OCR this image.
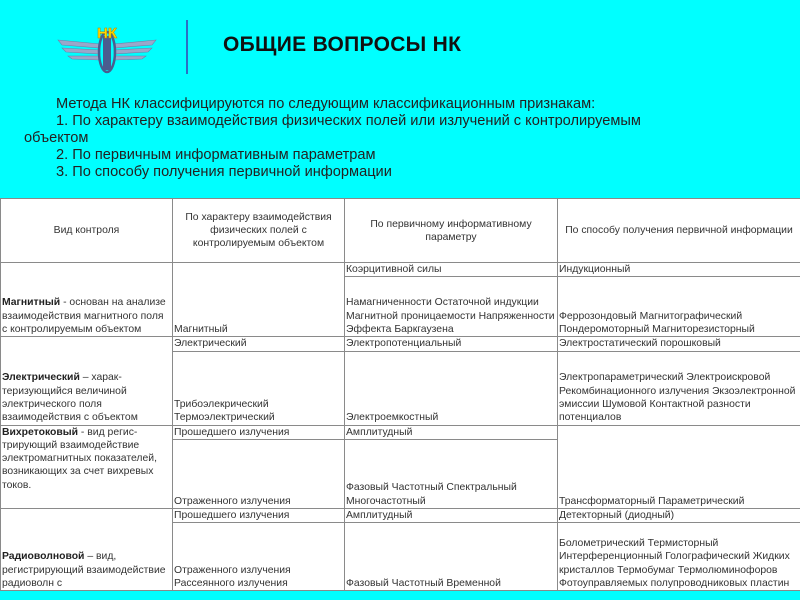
НК	ОБЩИЕ ВОПРОСЫ НК
Метода НК классифицируются по следующим классификационным признакам:
1. По характеру взаимодействия физических полей или излучений с контролируемым
объектом
2. По первичным информативным параметрам
3. По способу получения первичной информации
Вид контроля	По характеру взаимодействия физических полей с контролируемым объектом	По первичному информативному параметру	По способу получения первичной информации
Магнитный - основан на анализе взаимодействия магнитного поля с контролируемым объектом	Магнитный	Коэрцитивной силы	Индукционный
		Намагниченности Остаточной индукции Магнитной проницаемости Напряженности Эффекта Баркгаузена	Феррозондовый Магнитографический Пондеромоторный Магниторезисторный
Электрический – харак-теризующийся величиной электрического поля взаимодействия с объектом	Электрический	Электропотенциальный	Электростатический порошковый
	Трибоэлекрический Термоэлектрический	Электроемкостный	Электропараметрический Электроискровой Рекомбинационного излучения Экзоэлектронной эмиссии Шумовой Контактной разности потенциалов
Вихретоковый - вид регис-трирующий взаимодействие электромагнитных показателей, возникающих за счет вихревых токов.	Прошедшего излучения	Амплитудный	Трансформаторный Параметрический
	Отраженного излучения	Фазовый Частотный Спектральный Многочастотный	
Радиоволновой – вид, регистрирующий взаимодействие радиоволн с	Прошедшего излучения	Амплитудный	Детекторный (диодный)
	Отраженного излучения Рассеянного излучения	Фазовый Частотный Временной	Болометрический Термисторный Интерференционный Голографический Жидких кристаллов Термобумаг Термолюминофоров Фотоуправляемых полупроводниковых пластин
